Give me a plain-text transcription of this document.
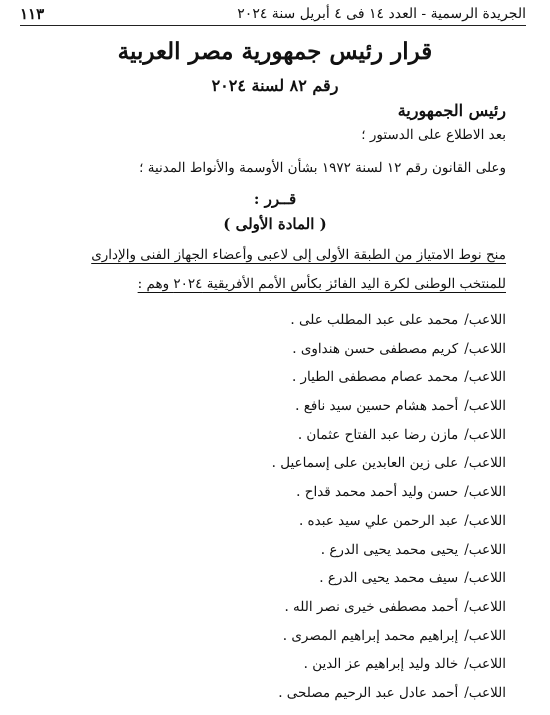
الجريدة الرسمية - العدد ١٤ فى ٤ أبريل سنة ٢٠٢٤
١١٣
قرار رئيس جمهورية مصر العربية
رقم ٨٢ لسنة ٢٠٢٤
رئيس الجمهورية
بعد الاطلاع على الدستور ؛
وعلى القانون رقم ١٢ لسنة ١٩٧٢ بشأن الأوسمة والأنواط المدنية ؛
قــرر :
( المادة الأولى )
منح نوط الامتياز من الطبقة الأولى إلى لاعبى وأعضاء الجهاز الفنى والإدارى
للمنتخب الوطنى لكرة اليد الفائز بكأس الأمم الأفريقية ٢٠٢٤ وهم :
اللاعب/محمد على عبد المطلب على .
اللاعب/كريم مصطفى حسن هنداوى .
اللاعب/محمد عصام مصطفى الطيار .
اللاعب/أحمد هشام حسين سيد نافع .
اللاعب/مازن رضا عبد الفتاح عثمان .
اللاعب/على زين العابدين على إسماعيل .
اللاعب/حسن وليد أحمد محمد قداح .
اللاعب/عبد الرحمن علي سيد عبده .
اللاعب/يحيى محمد يحيى الدرع .
اللاعب/سيف محمد يحيى الدرع .
اللاعب/أحمد مصطفى خيرى نصر الله .
اللاعب/إبراهيم محمد إبراهيم المصرى .
اللاعب/خالد وليد إبراهيم عز الدين .
اللاعب/أحمد عادل عبد الرحيم مصلحى .
